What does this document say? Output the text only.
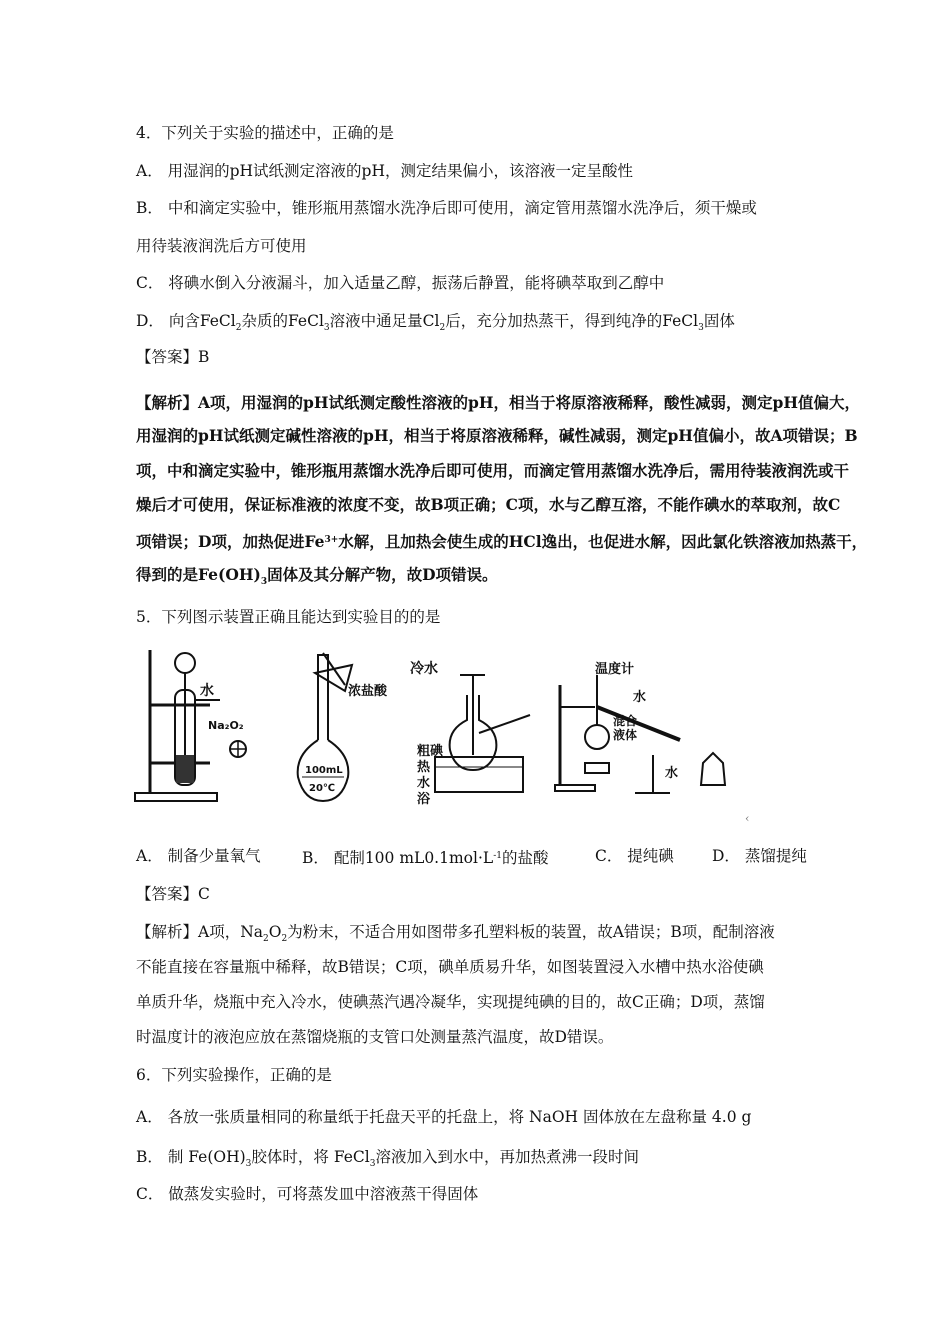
4．下列关于实验的描述中，正确的是
A． 用湿润的pH试纸测定溶液的pH，测定结果偏小，该溶液一定呈酸性
B． 中和滴定实验中，锥形瓶用蒸馏水洗净后即可使用，滴定管用蒸馏水洗净后，须干燥或
用待装液润洗后方可使用
C． 将碘水倒入分液漏斗，加入适量乙醇，振荡后静置，能将碘萃取到乙醇中
D． 向含FeCl$_2$杂质的FeCl$_3$溶液中通足量$Cl_2$后，充分加热蒸干，得到纯净的FeCl$_3$固体
【答案】B
【解析】A项，用湿润的pH试纸测定酸性溶液的pH，相当于将原溶液稀释，酸性减弱，测定pH值偏大，
用湿润的pH试纸测定碱性溶液的pH，相当于将原溶液稀释，碱性减弱，测定pH值偏小，故A项错误；B
项，中和滴定实验中，锥形瓶用蒸馏水洗净后即可使用，而滴定管用蒸馏水洗净后，需用待装液润洗或干
燥后才可使用，保证标准液的浓度不变，故B项正确；C项，水与乙醇互溶，不能作碘水的萃取剂，故C
项错误；D项，加热促进$Fe^{3+}$水解，且加热会使生成的HCl逸出，也促进水解，因此氯化铁溶液加热蒸干，
得到的是$Fe(OH)_3$固体及其分解产物，故D项错误。
5．下列图示装置正确且能达到实验目的的是
水
Na₂O₂
浓盐酸
100mL
20℃
冷水
粗碘
热
水
浴
温度计
水
混合
液体
水
‹
A． 制备少量氧气	B． 配制100 $mL0.1mol\cdot L^{-1}$的盐酸	C． 提纯碘 D． 蒸馏提纯
【答案】C
【解析】A项，$Na_2O_2$为粉末，不适合用如图带多孔塑料板的装置，故A错误；B项，配制溶液
不能直接在容量瓶中稀释，故B错误；C项，碘单质易升华，如图装置浸入水槽中热水浴使碘
单质升华，烧瓶中充入冷水，使碘蒸汽遇冷凝华，实现提纯碘的目的，故C正确；D项，蒸馏
时温度计的液泡应放在蒸馏烧瓶的支管口处测量蒸汽温度，故D错误。
6．下列实验操作，正确的是
A． 各放一张质量相同的称量纸于托盘天平的托盘上，将 NaOH 固体放在左盘称量 4.0 g
B． 制 $Fe(OH)_3$胶体时，将 FeCl$_3$溶液加入到水中，再加热煮沸一段时间
C． 做蒸发实验时，可将蒸发皿中溶液蒸干得固体
